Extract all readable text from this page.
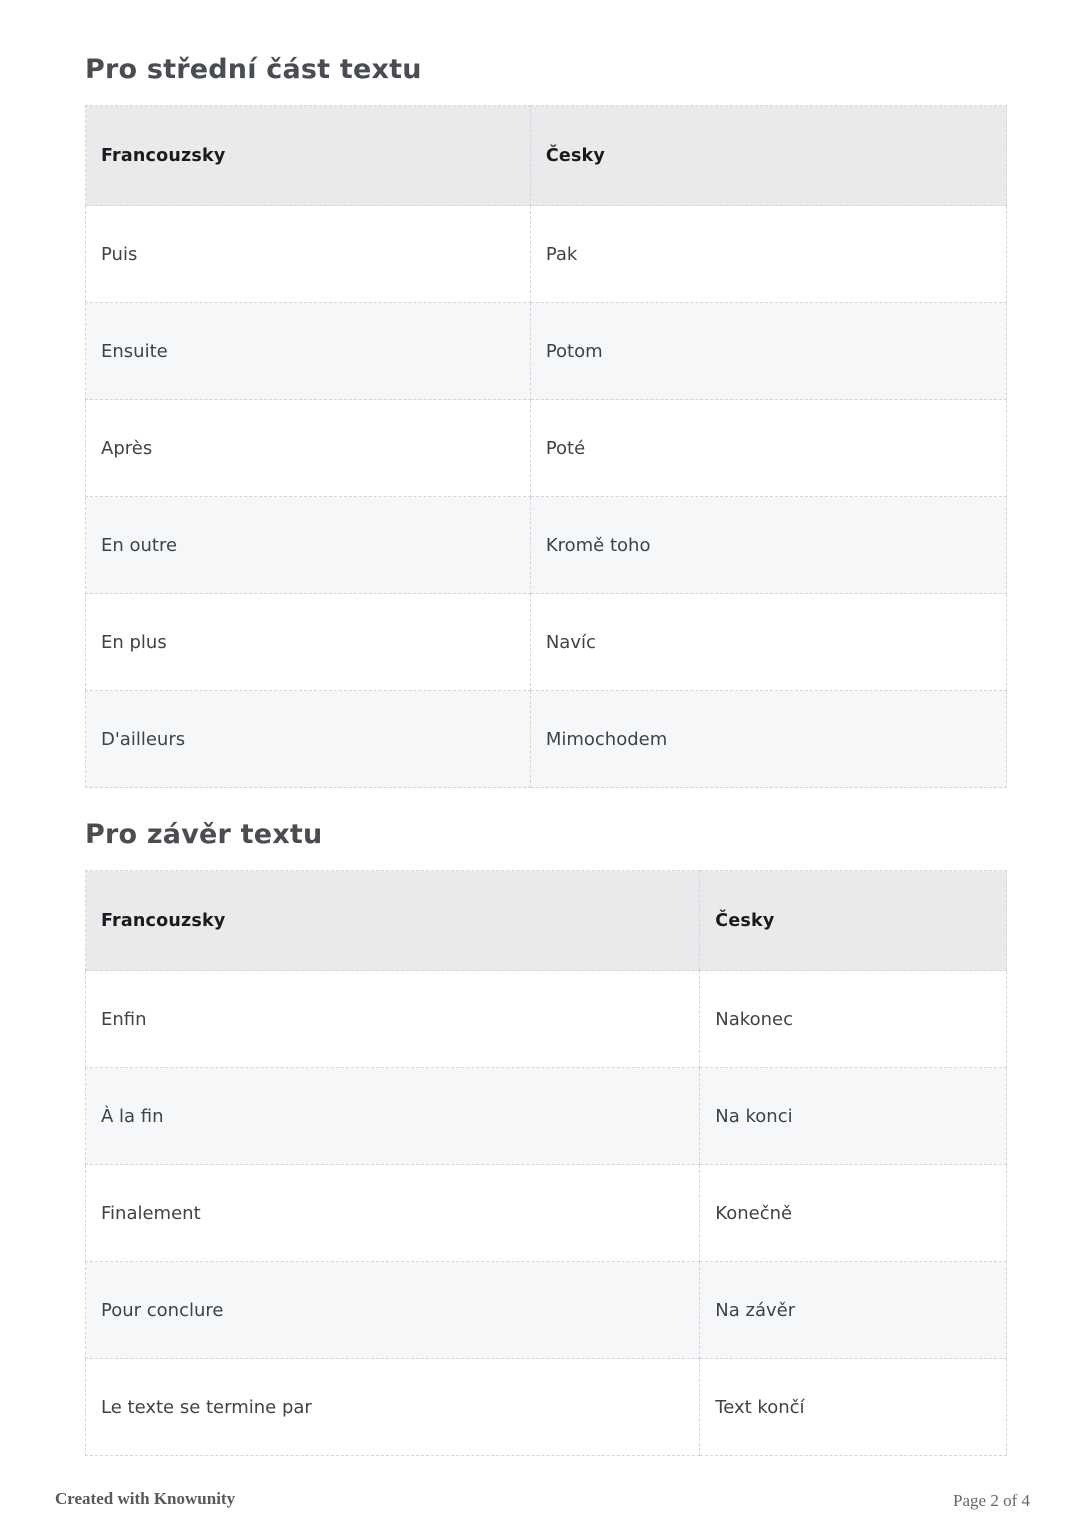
Pro střední část textu
Francouzsky	Česky
Puis	Pak
Ensuite	Potom
Après	Poté
En outre	Kromě toho
En plus	Navíc
D'ailleurs	Mimochodem
Pro závěr textu
Francouzsky	Česky
Enfin	Nakonec
À la fin	Na konci
Finalement	Konečně
Pour conclure	Na závěr
Le texte se termine par	Text končí
Created with Knowunity	Page 2 of 4
